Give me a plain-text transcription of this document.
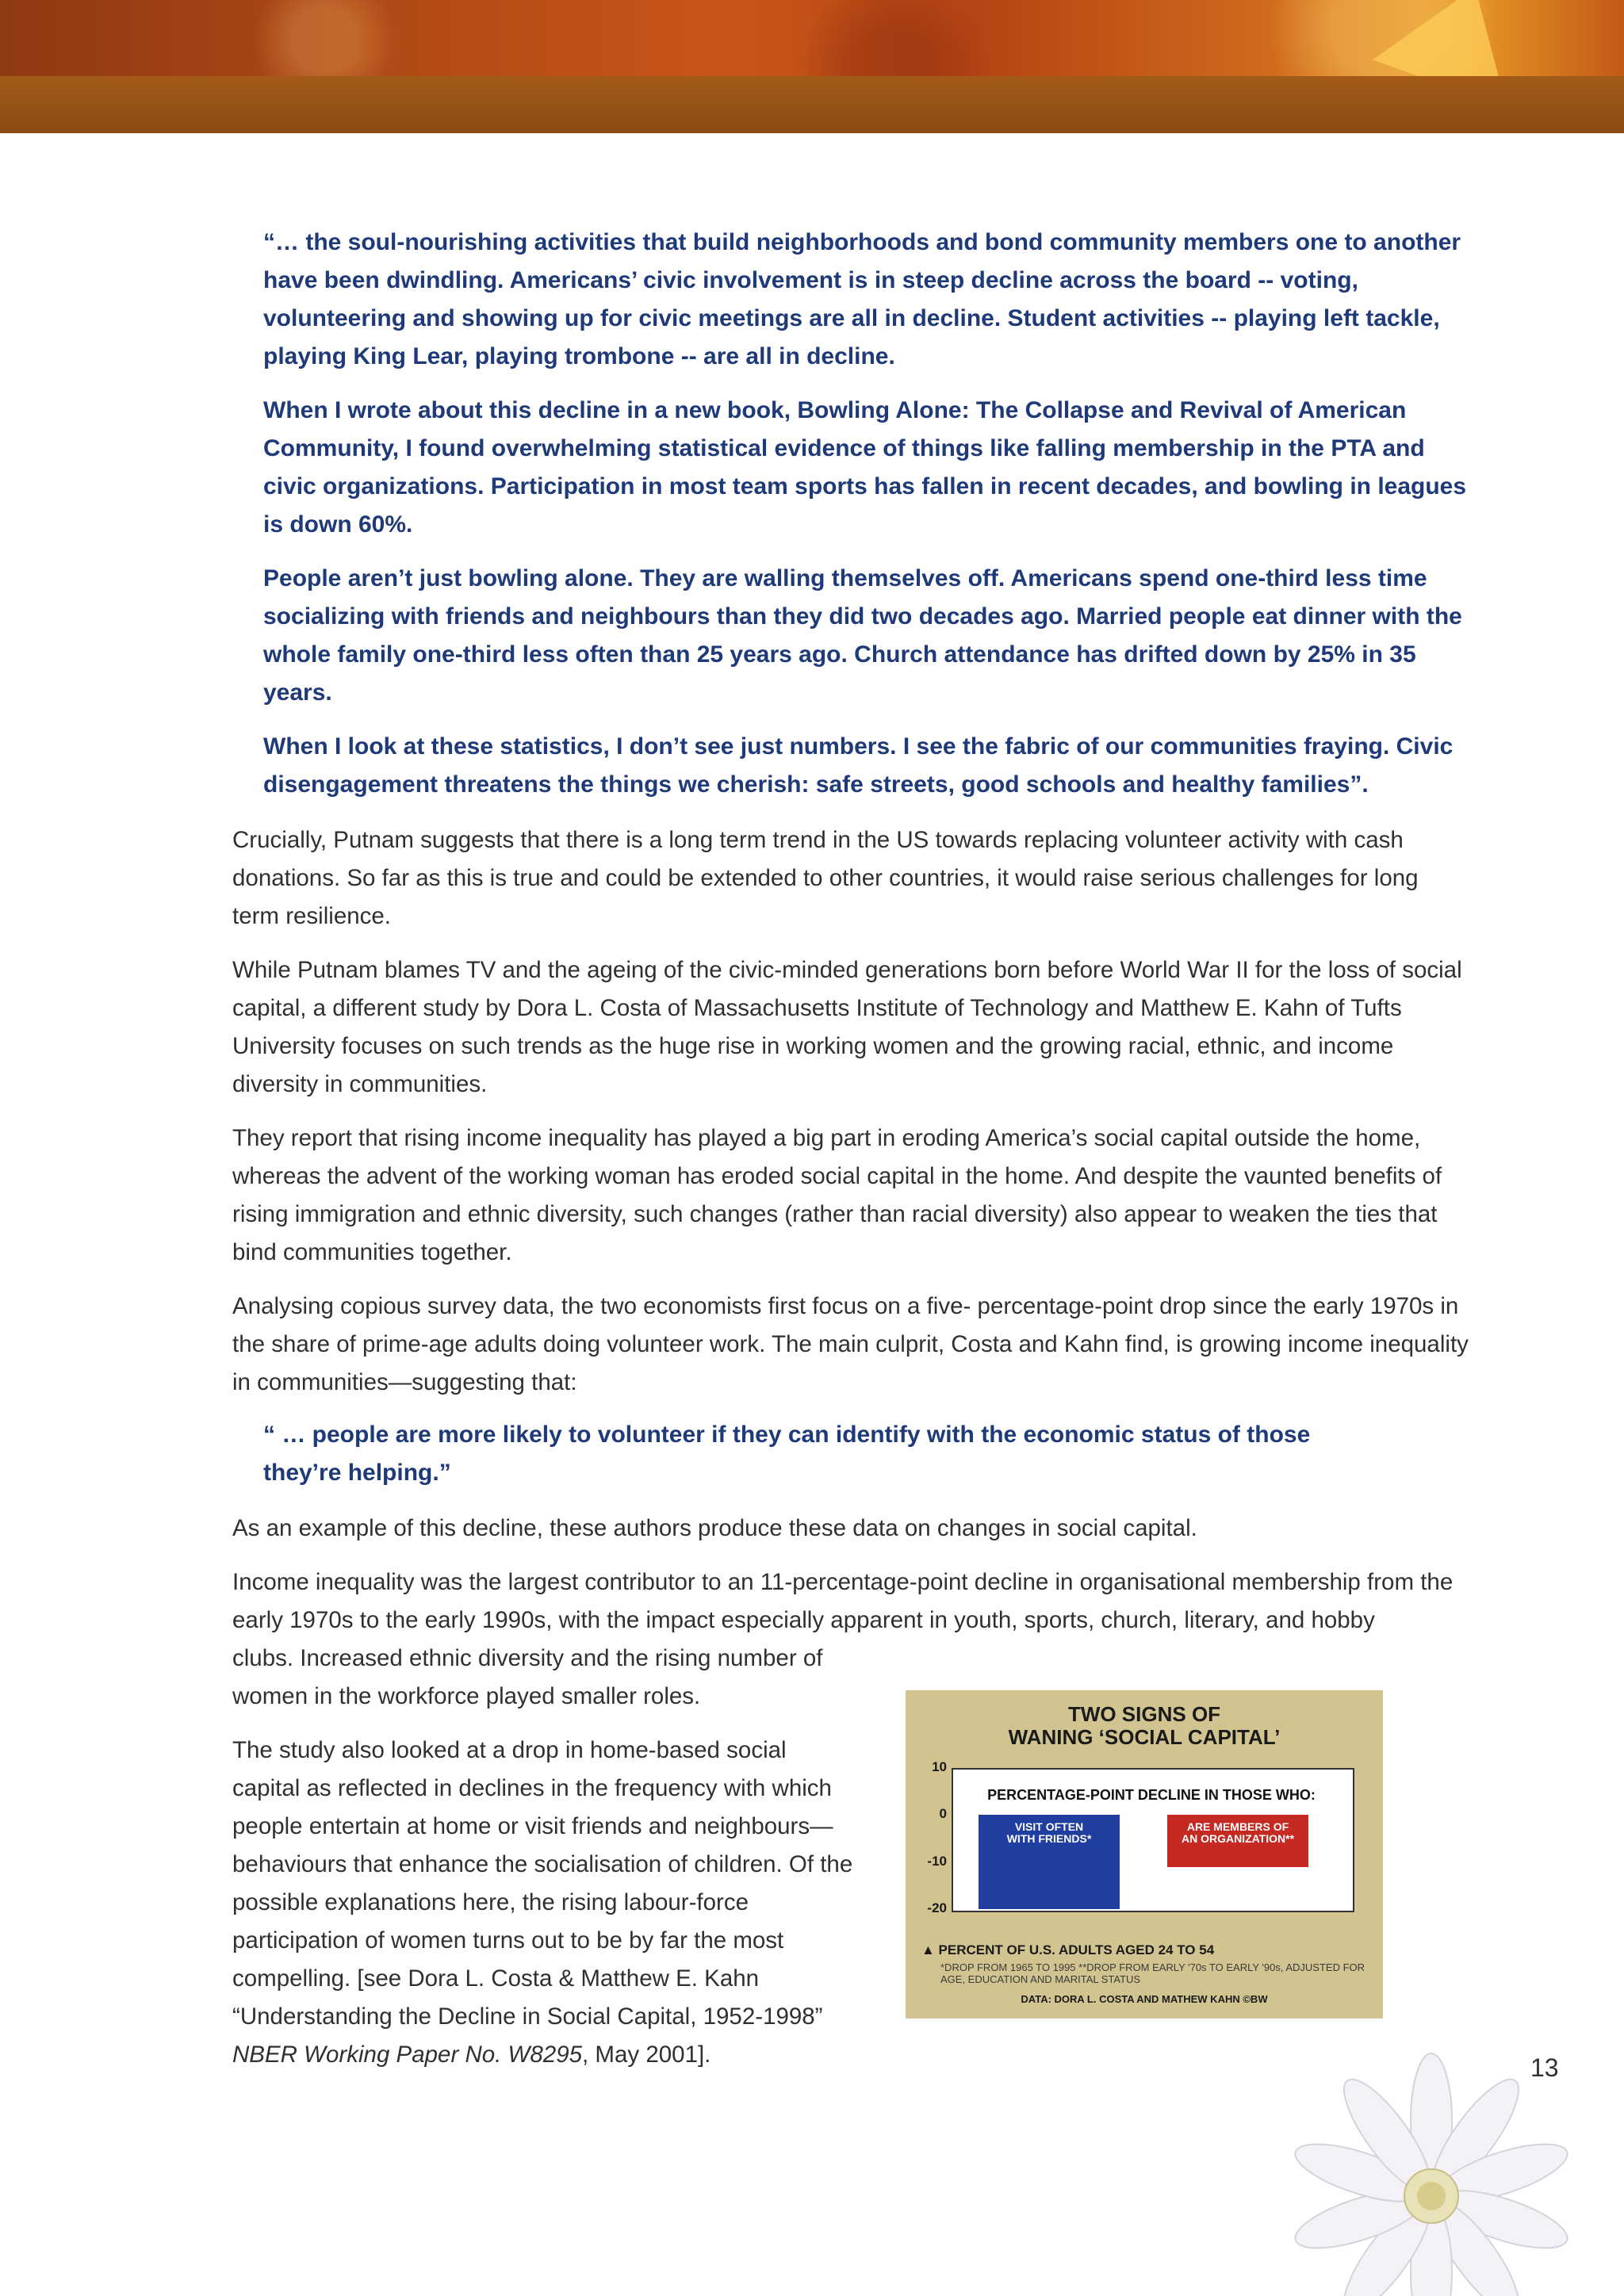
“… the soul-nourishing activities that build neighborhoods and bond community members one to another have been dwindling. Americans’ civic involvement is in steep decline across the board -- voting, volunteering and showing up for civic meetings are all in decline. Student activities -- playing left tackle, playing King Lear, playing trombone -- are all in decline.

When I wrote about this decline in a new book, Bowling Alone: The Collapse and Revival of American Community, I found overwhelming statistical evidence of things like falling membership in the PTA and civic organizations. Participation in most team sports has fallen in recent decades, and bowling in leagues is down 60%.

People aren’t just bowling alone. They are walling themselves off. Americans spend one-third less time socializing with friends and neighbours than they did two decades ago. Married people eat dinner with the whole family one-third less often than 25 years ago. Church attendance has drifted down by 25% in 35 years.

When I look at these statistics, I don’t see just numbers. I see the fabric of our communities fraying. Civic disengagement threatens the things we cherish: safe streets, good schools and healthy families”.

Crucially, Putnam suggests that there is a long term trend in the US towards replacing volunteer activity with cash donations. So far as this is true and could be extended to other countries, it would raise serious challenges for long term resilience.

While Putnam blames TV and the ageing of the civic-minded generations born before World War II for the loss of social capital, a different study by Dora L. Costa of Massachusetts Institute of Technology and Matthew E. Kahn of Tufts University focuses on such trends as the huge rise in working women and the growing racial, ethnic, and income diversity in communities.

They report that rising income inequality has played a big part in eroding America’s social capital outside the home, whereas the advent of the working woman has eroded social capital in the home. And despite the vaunted benefits of rising immigration and ethnic diversity, such changes (rather than racial diversity) also appear to weaken the ties that bind communities together.

Analysing copious survey data, the two economists first focus on a five- percentage-point drop since the early 1970s in the share of prime-age adults doing volunteer work. The main culprit, Costa and Kahn find, is growing income inequality in communities—suggesting that:

“ … people are more likely to volunteer if they can identify with the economic status of those they’re helping.”

As an example of this decline, these authors produce these data on changes in social capital.

Income inequality was the largest contributor to an 11-percentage-point decline in organisational membership from the early 1970s to the early 1990s, with the impact especially apparent in youth, sports, church, literary, and hobby

clubs. Increased ethnic diversity and the rising number of women in the workforce played smaller roles.

The study also looked at a drop in home-based social capital as reflected in declines in the frequency with which people entertain at home or visit friends and neighbours—behaviours that enhance the socialisation of children. Of the possible explanations here, the rising labour-force participation of women turns out to be by far the most compelling. [see Dora L. Costa & Matthew E. Kahn “Understanding the Decline in Social Capital, 1952-1998” NBER Working Paper No. W8295, May 2001].

TWO SIGNS OF
WANING ‘SOCIAL CAPITAL’
PERCENTAGE-POINT DECLINE IN THOSE WHO:
10
0
-10
-20
VISIT OFTEN
WITH FRIENDS*
ARE MEMBERS OF
AN ORGANIZATION**
▲ PERCENT OF U.S. ADULTS AGED 24 TO 54
*DROP FROM 1965 TO 1995 **DROP FROM EARLY '70s TO EARLY '90s, ADJUSTED FOR AGE, EDUCATION AND MARITAL STATUS
DATA: DORA L. COSTA AND MATHEW KAHN ©BW
13
